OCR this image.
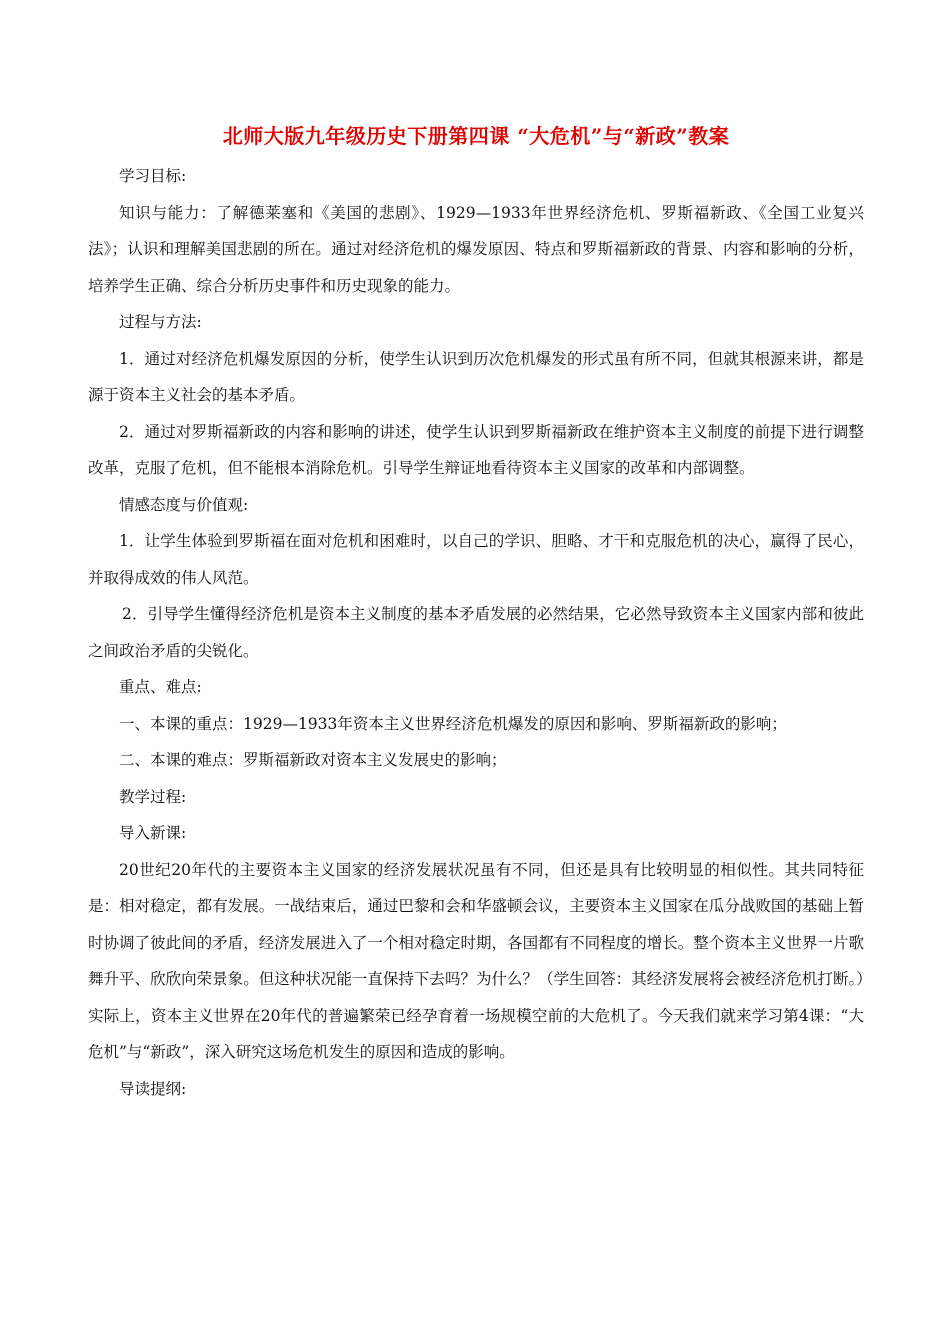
北师大版九年级历史下册第四课 “大危机”与“新政”教案

学习目标:

知识与能力：了解德莱塞和《美国的悲剧》、1929—1933年世界经济危机、罗斯福新政、《全国工业复兴法》；认识和理解美国悲剧的所在。通过对经济危机的爆发原因、特点和罗斯福新政的背景、内容和影响的分析，培养学生正确、综合分析历史事件和历史现象的能力。

过程与方法:

1．通过对经济危机爆发原因的分析，使学生认识到历次危机爆发的形式虽有所不同，但就其根源来讲，都是源于资本主义社会的基本矛盾。

2．通过对罗斯福新政的内容和影响的讲述，使学生认识到罗斯福新政在维护资本主义制度的前提下进行调整改革，克服了危机，但不能根本消除危机。引导学生辩证地看待资本主义国家的改革和内部调整。

情感态度与价值观:

1．让学生体验到罗斯福在面对危机和困难时，以自己的学识、胆略、才干和克服危机的决心，赢得了民心，并取得成效的伟人风范。

2．引导学生懂得经济危机是资本主义制度的基本矛盾发展的必然结果，它必然导致资本主义国家内部和彼此之间政治矛盾的尖锐化。

重点、难点:

一、本课的重点：1929—1933年资本主义世界经济危机爆发的原因和影响、罗斯福新政的影响；

二、本课的难点：罗斯福新政对资本主义发展史的影响；

教学过程:

导入新课:

20世纪20年代的主要资本主义国家的经济发展状况虽有不同，但还是具有比较明显的相似性。其共同特征是：相对稳定，都有发展。一战结束后，通过巴黎和会和华盛顿会议，主要资本主义国家在瓜分战败国的基础上暂时协调了彼此间的矛盾，经济发展进入了一个相对稳定时期，各国都有不同程度的增长。整个资本主义世界一片歌舞升平、欣欣向荣景象。但这种状况能一直保持下去吗？为什么？（学生回答：其经济发展将会被经济危机打断。）实际上，资本主义世界在20年代的普遍繁荣已经孕育着一场规模空前的大危机了。今天我们就来学习第4课：“大危机”与“新政”，深入研究这场危机发生的原因和造成的影响。

导读提纲:
